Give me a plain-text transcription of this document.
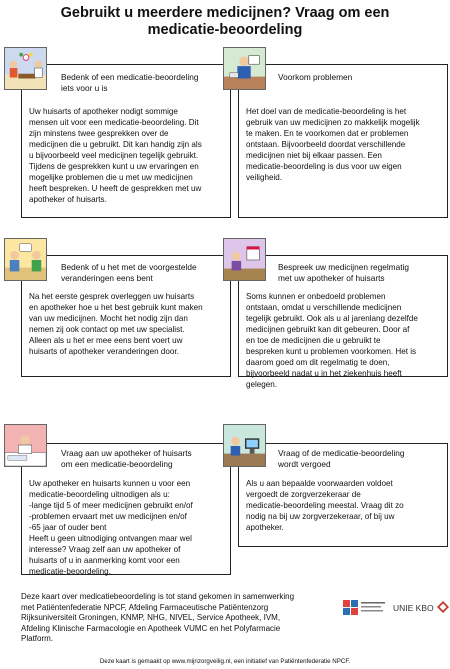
Gebruikt u meerdere medicijnen? Vraag om een
medicatie-beoordeling
Bedenk of een medicatie-beoordeling
iets voor u is

Uw huisarts of apotheker nodigt sommige

mensen uit voor een medicatie-beoordeling. Dit

zijn minstens twee gesprekken over de

medicijnen die u gebruikt. Dit kan handig zijn als

u bijvoorbeeld veel medicijnen tegelijk gebruikt.

Tijdens de gesprekken kunt u uw ervaringen en

mogelijke problemen die u met uw medicijnen

heeft bespreken. U heeft de gesprekken met uw

apotheker of huisarts.

Voorkom problemen

Het doel van de medicatie-beoordeling is het

gebruik van uw medicijnen zo makkelijk mogelijk

te maken. En te voorkomen dat er problemen

ontstaan. Bijvoorbeeld doordat verschillende

medicijnen niet bij elkaar passen. Een

medicatie-beoordeling is dus voor uw eigen

veiligheid.

Bedenk of u het met de voorgestelde
veranderingen eens bent

Na het eerste gesprek overleggen uw huisarts

en apotheker hoe u het best gebruik kunt maken

van uw medicijnen. Mocht het nodig zijn dan

nemen zij ook contact op met uw specialist.

Alleen als u het er mee eens bent voert uw

huisarts of apotheker veranderingen door.

Bespreek uw medicijnen regelmatig
met uw apotheker of huisarts

Soms kunnen er onbedoeld problemen

ontstaan, omdat u verschillende medicijnen

tegelijk gebruikt. Ook als u al jarenlang dezelfde

medicijnen gebruikt kan dit gebeuren. Door af

en toe de medicijnen die u gebruikt te

bespreken kunt u problemen voorkomen. Het is

daarom goed om dit regelmatig te doen,

bijvoorbeeld nadat u in het ziekenhuis heeft

gelegen.

Vraag aan uw apotheker of huisarts
om een medicatie-beoordeling

Uw apotheker en huisarts kunnen u voor een

medicatie-beoordeling uitnodigen als u:

-lange tijd 5 of meer medicijnen gebruikt en/of

-problemen ervaart met uw medicijnen en/of

-65 jaar of ouder bent

Heeft u geen uitnodiging ontvangen maar wel

interesse? Vraag zelf aan uw apotheker of

huisarts of u in aanmerking komt voor een

medicatie-beoordeling.

Vraag of de medicatie-beoordeling
wordt vergoed

Als u aan bepaalde voorwaarden voldoet

vergoedt de zorgverzekeraar de

medicatie-beoordeling meestal. Vraag dit zo

nodig na bij uw zorgverzekeraar, of bij uw

apotheker.

Deze kaart over medicatiebeoordeling is tot stand gekomen in samenwerking
met Patiëntenfederatie NPCF, Afdeling Farmaceutische Patiëntenzorg
Rijksuniversiteit Groningen, KNMP, NHG, NIVEL, Service Apotheek, IVM,
Afdeling Klinische Farmacologie en Apotheek VUMC en het Polyfarmacie
Platform.
UNIE KBO
Deze kaart is gemaakt op www.mijnzorgveilig.nl, een initiatief van Patiëntenfederatie NPCF.
